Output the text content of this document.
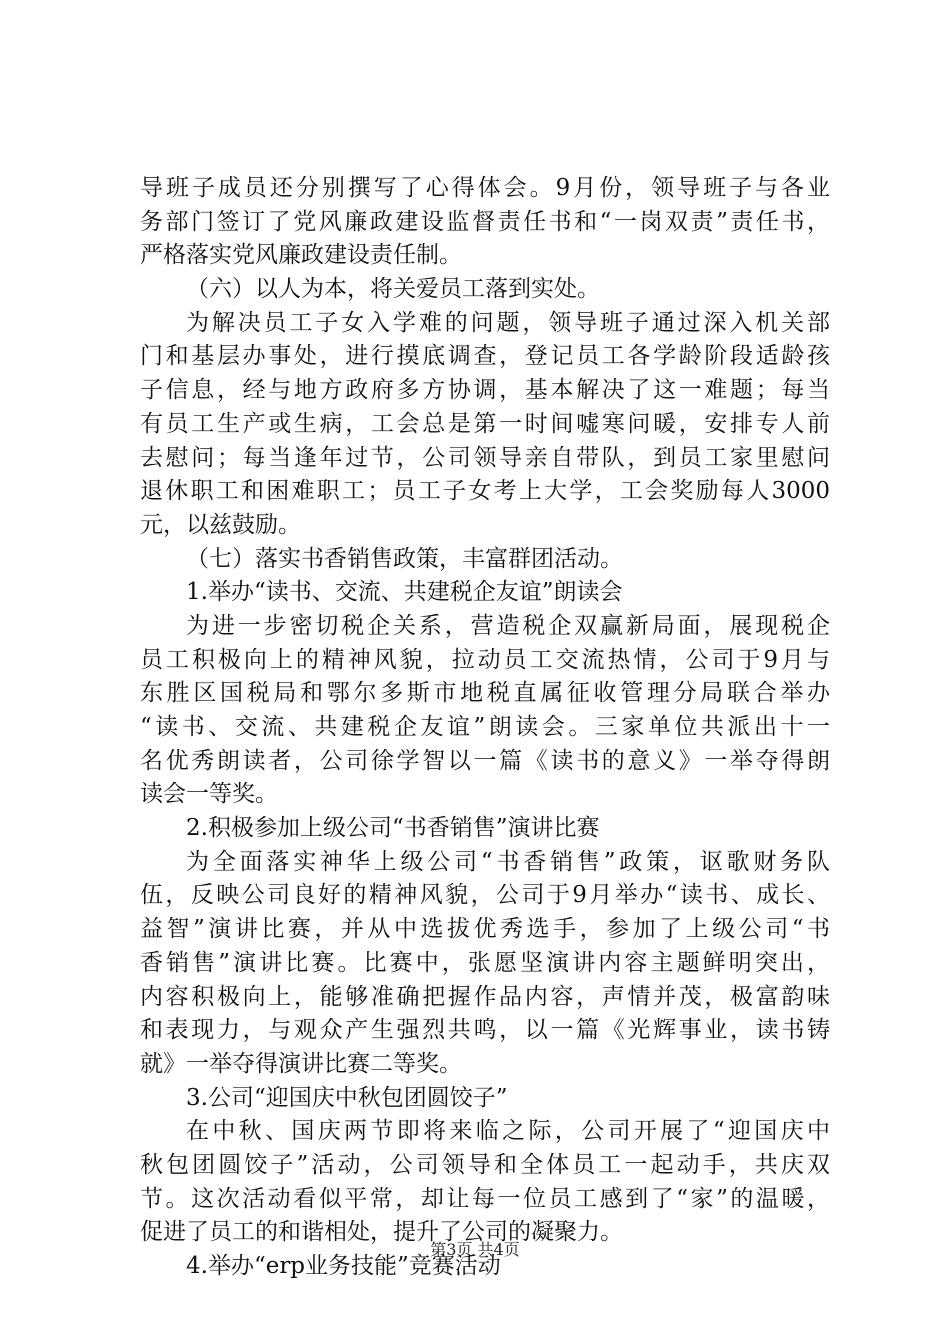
导班子成员还分别撰写了心得体会。9月份，领导班子与各业
务部门签订了党风廉政建设监督责任书和“一岗双责”责任书，
严格落实党风廉政建设责任制。
（六）以人为本，将关爱员工落到实处。
为解决员工子女入学难的问题，领导班子通过深入机关部
门和基层办事处，进行摸底调查，登记员工各学龄阶段适龄孩
子信息，经与地方政府多方协调，基本解决了这一难题；每当
有员工生产或生病，工会总是第一时间嘘寒问暖，安排专人前
去慰问；每当逢年过节，公司领导亲自带队，到员工家里慰问
退休职工和困难职工；员工子女考上大学，工会奖励每人3000
元，以兹鼓励。
（七）落实书香销售政策，丰富群团活动。
1.举办“读书、交流、共建税企友谊”朗读会
为进一步密切税企关系，营造税企双赢新局面，展现税企
员工积极向上的精神风貌，拉动员工交流热情，公司于9月与
东胜区国税局和鄂尔多斯市地税直属征收管理分局联合举办
“读书、交流、共建税企友谊”朗读会。三家单位共派出十一
名优秀朗读者，公司徐学智以一篇《读书的意义》一举夺得朗
读会一等奖。
2.积极参加上级公司“书香销售”演讲比赛
为全面落实神华上级公司“书香销售”政策，讴歌财务队
伍，反映公司良好的精神风貌，公司于9月举办“读书、成长、
益智”演讲比赛，并从中选拔优秀选手，参加了上级公司“书
香销售”演讲比赛。比赛中，张愿坚演讲内容主题鲜明突出，
内容积极向上，能够准确把握作品内容，声情并茂，极富韵味
和表现力，与观众产生强烈共鸣，以一篇《光辉事业，读书铸
就》一举夺得演讲比赛二等奖。
3.公司“迎国庆中秋包团圆饺子”
在中秋、国庆两节即将来临之际，公司开展了“迎国庆中
秋包团圆饺子”活动，公司领导和全体员工一起动手，共庆双
节。这次活动看似平常，却让每一位员工感到了“家”的温暖，
促进了员工的和谐相处，提升了公司的凝聚力。
4.举办“erp业务技能”竞赛活动
第3页 共4页
